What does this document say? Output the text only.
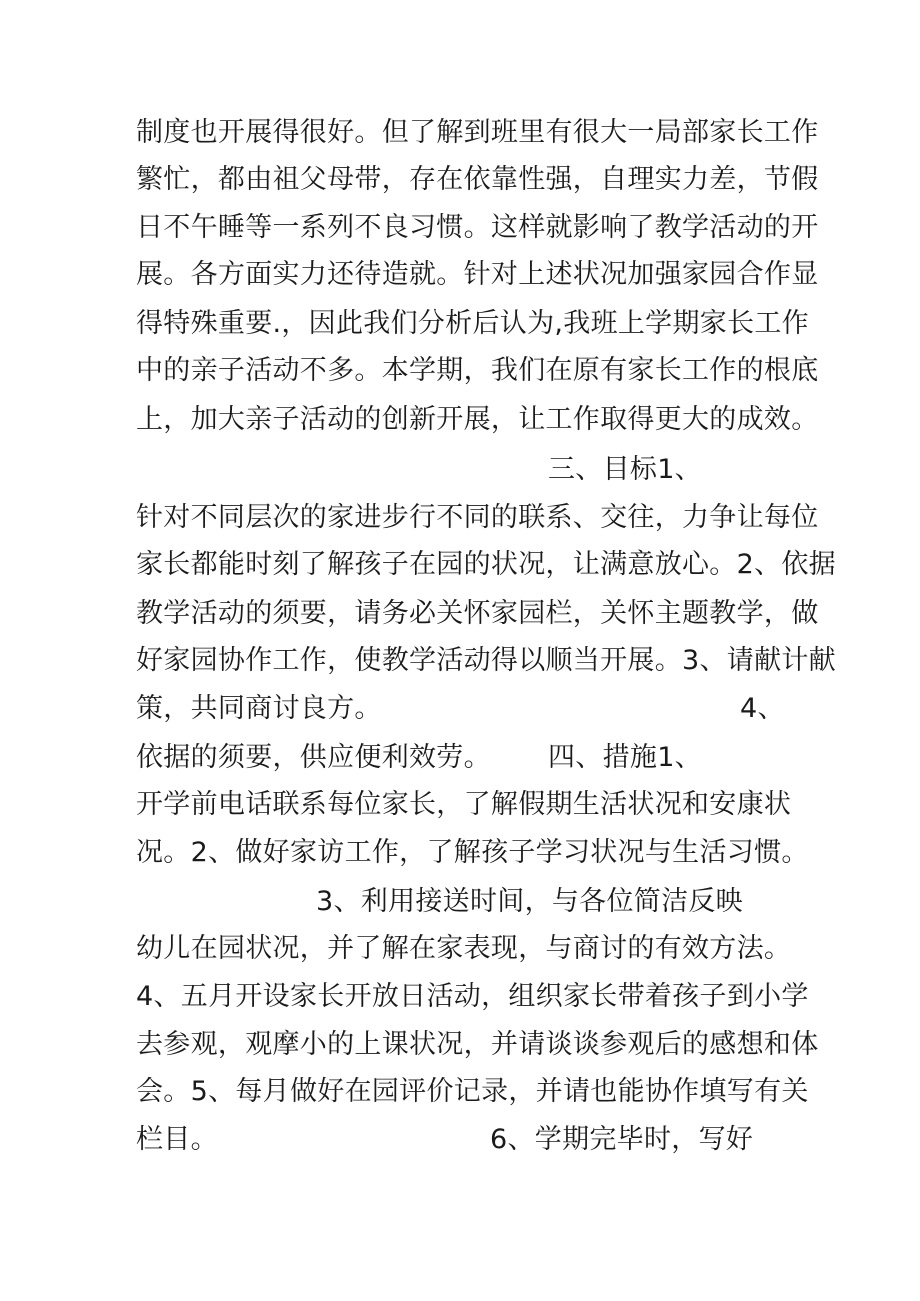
制度也开展得很好。但了解到班里有很大一局部家长工作
繁忙，都由祖父母带，存在依靠性强，自理实力差，节假
日不午睡等一系列不良习惯。这样就影响了教学活动的开
展。各方面实力还待造就。针对上述状况加强家园合作显
得特殊重要.，因此我们分析后认为,我班上学期家长工作
中的亲子活动不多。本学期，我们在原有家长工作的根底
上，加大亲子活动的创新开展，让工作取得更大的成效。
三、目标1、
针对不同层次的家进步行不同的联系、交往，力争让每位
家长都能时刻了解孩子在园的状况，让满意放心。2、依据
教学活动的须要，请务必关怀家园栏，关怀主题教学，做
好家园协作工作，使教学活动得以顺当开展。3、请献计献
策，共同商讨良方。	4、
依据的须要，供应便利效劳。 四、措施1、
开学前电话联系每位家长，了解假期生活状况和安康状
况。2、做好家访工作，了解孩子学习状况与生活习惯。
3、利用接送时间，与各位简洁反映
幼儿在园状况，并了解在家表现，与商讨的有效方法。
4、五月开设家长开放日活动，组织家长带着孩子到小学
去参观，观摩小的上课状况，并请谈谈参观后的感想和体
会。5、每月做好在园评价记录，并请也能协作填写有关
栏目。	6、学期完毕时，写好
